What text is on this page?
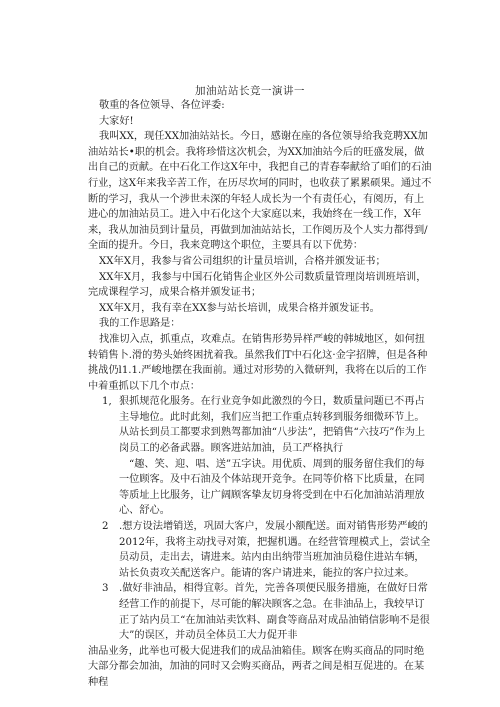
加油站站长竞一演讲一

敬重的各位领导、各位评委:

大家好!

我叫XX，现任XX加油站站长。今日，感谢在座的各位领导给我竞聘XX加油站站长•职的机会。我将珍惜这次机会，为XX加油站今后的旺盛发展，做出自己的贡献。在中石化工作这X年中，我把自己的青春奉献给了咱们的石油行业，这X年来我辛苦工作，在历尽坎坷的同时，也收获了累累硕果。通过不断的学习，我从一个涉世未深的年轻人成长为一个有责任心，有阅历，有上进心的加油站员工。进入中石化这个大家庭以来，我始终在一线工作，X年来，我从加油员到计量员，再做到加油站站长，工作阅历及个人实力都得到/全面的提升。今日，我来竞聘这个职位，主要具有以下优势：

XX年X月，我参与省公司组织的计量员培训，合格并颁发证书；

XX年X月，我参与中国石化销售企业区外公司数质量管理岗培训班培训，完成课程学习，成果合格并颁发证书；

XX年X月，我有幸在XX参与站长培训，成果合格并颁发证书。

我的工作思路是：

找准切入点，抓重点，攻难点。在销售形势异样严峻的韩城地区，如何扭转销售卜.滑的势头始终困扰着我。虽然我们T中石化这·金字招牌，但是各种挑战仍l1.1.严峻地摆在我面前。通过对形势的入微研判，我将在以后的工作中着重抓以下几个市点：

1, 狠抓规范化服务。在行业竞争如此激烈的今日，数质量问题已不再占主导地位。此时此刻，我们应当把工作重点转移到服务细微环节上。从站长到员工都要求到熟驾都加油“八步法”，把销售“六技巧”作为上岗员工的必备武器。顾客进站加油，员工严格执行
“趣、笑、迎、唱、送”五字诀。用优质、周到的服务留住我们的每一位顾客。及中石油及个体站现开竞争。在同等价格下比质量，在同等质址上比服务，让广阔顾客挚友切身将受到在中石化加油站消理放心、舒心。
2 .想方设法增销送，巩固大客户，发展小额配送。面对销售形势严峻的2012年，我将主动找寻对策，把握机遇。在经营管理模式上，尝试全员动员，走出去，请进来。站内由出纳带当班加油员稳住进站车辆，站长负责攻关配送客户。能请的客户请进来，能拉的客户拉过来。
3 .做好非油品，相得宜彰。首先，完善各项便民服务措施，在做好日常经营工作的前提下，尽可能的解决顾客之急。在非油品上，我较早订正了站内员工“在加油站卖饮料、副食等商品对成品油销信影响不是很大”的误区，并动员全体员工大力促开非

油品业务，此举也可极大促进我们的成品油箱佳。顾客在购买商品的同时绝大部分都会加油，加油的同时又会购买商品，两者之间是相互促进的。在某种程
